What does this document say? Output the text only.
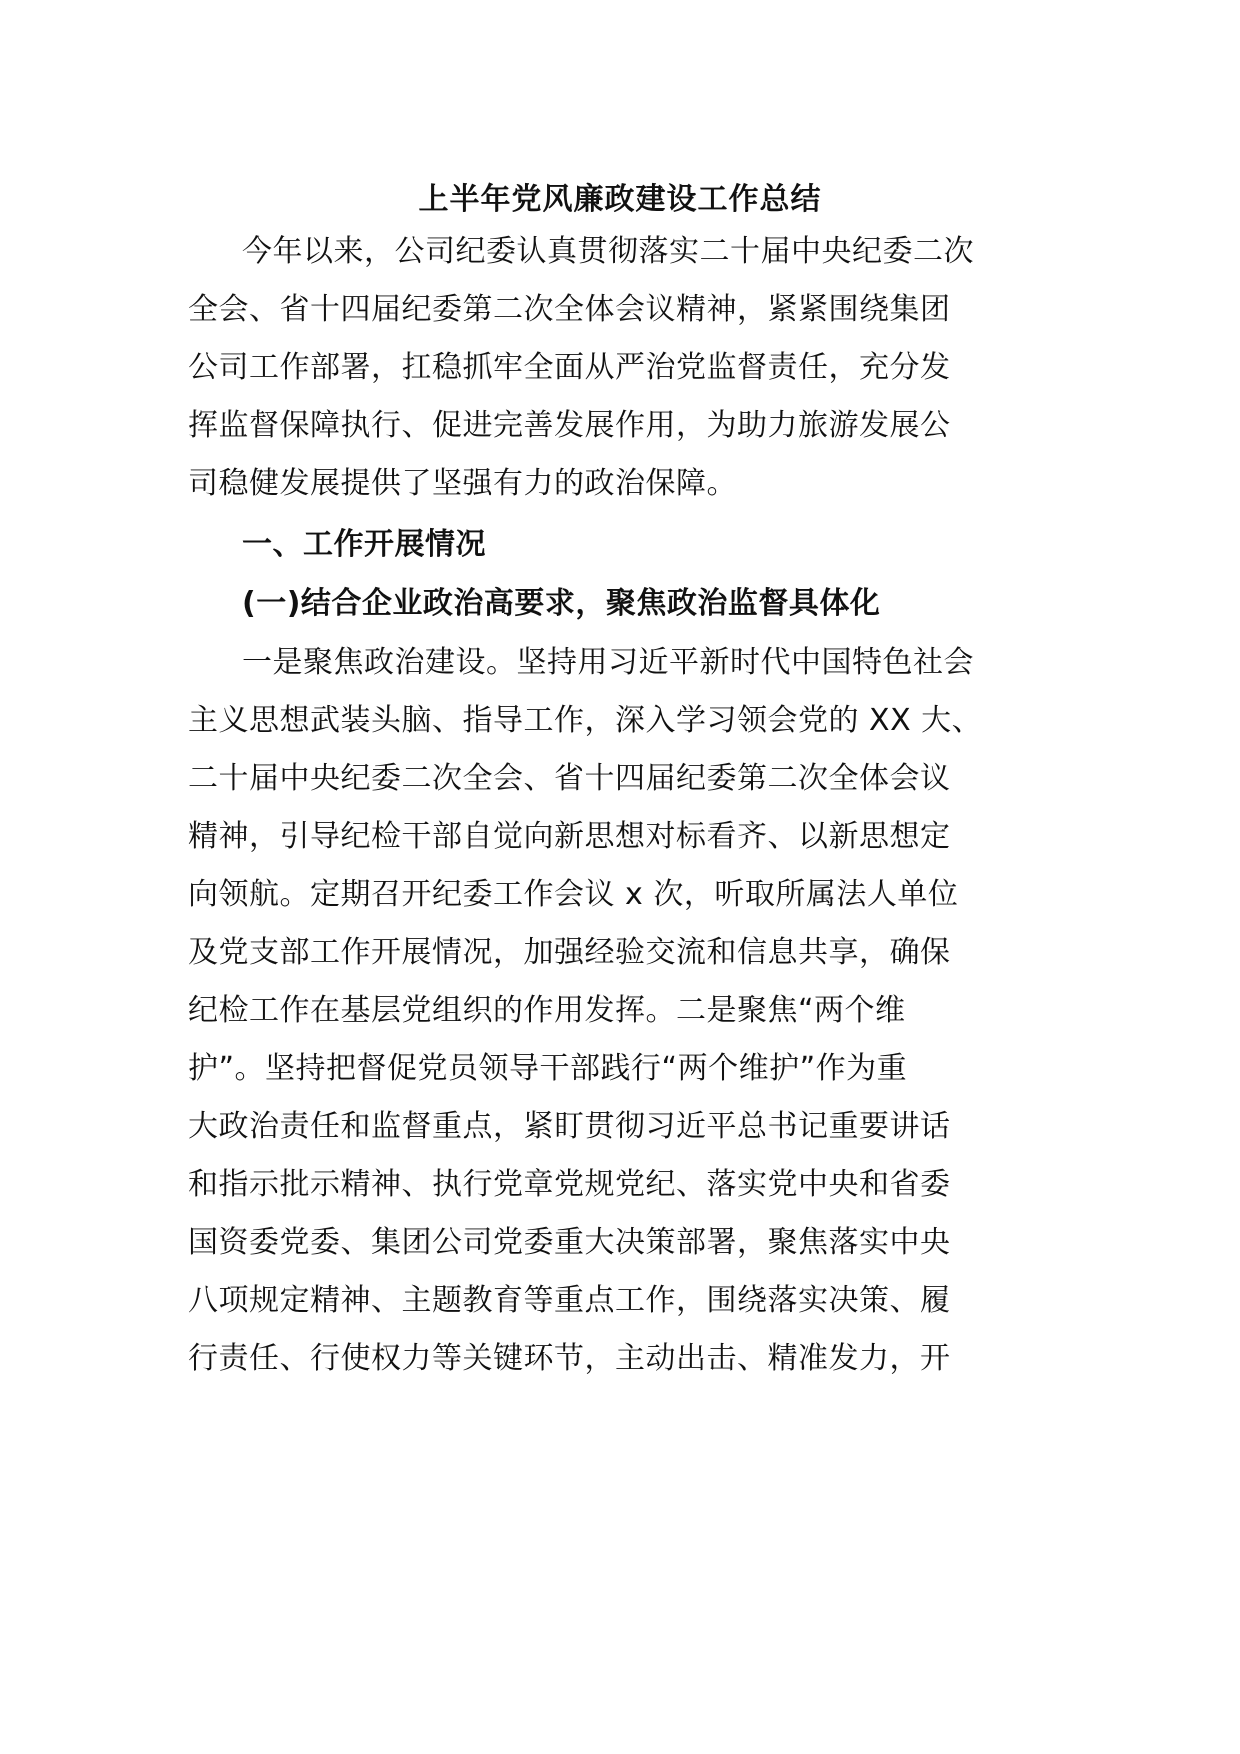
上半年党风廉政建设工作总结
今年以来，公司纪委认真贯彻落实二十届中央纪委二次
全会、省十四届纪委第二次全体会议精神，紧紧围绕集团
公司工作部署，扛稳抓牢全面从严治党监督责任，充分发
挥监督保障执行、促进完善发展作用，为助力旅游发展公
司稳健发展提供了坚强有力的政治保障。
一、工作开展情况
(一)结合企业政治高要求，聚焦政治监督具体化
一是聚焦政治建设。坚持用习近平新时代中国特色社会
主义思想武装头脑、指导工作，深入学习领会党的 XX 大、
二十届中央纪委二次全会、省十四届纪委第二次全体会议
精神，引导纪检干部自觉向新思想对标看齐、以新思想定
向领航。定期召开纪委工作会议 x 次，听取所属法人单位
及党支部工作开展情况，加强经验交流和信息共享，确保
纪检工作在基层党组织的作用发挥。二是聚焦“两个维
护”。坚持把督促党员领导干部践行“两个维护”作为重
大政治责任和监督重点，紧盯贯彻习近平总书记重要讲话
和指示批示精神、执行党章党规党纪、落实党中央和省委
国资委党委、集团公司党委重大决策部署，聚焦落实中央
八项规定精神、主题教育等重点工作，围绕落实决策、履
行责任、行使权力等关键环节，主动出击、精准发力，开
